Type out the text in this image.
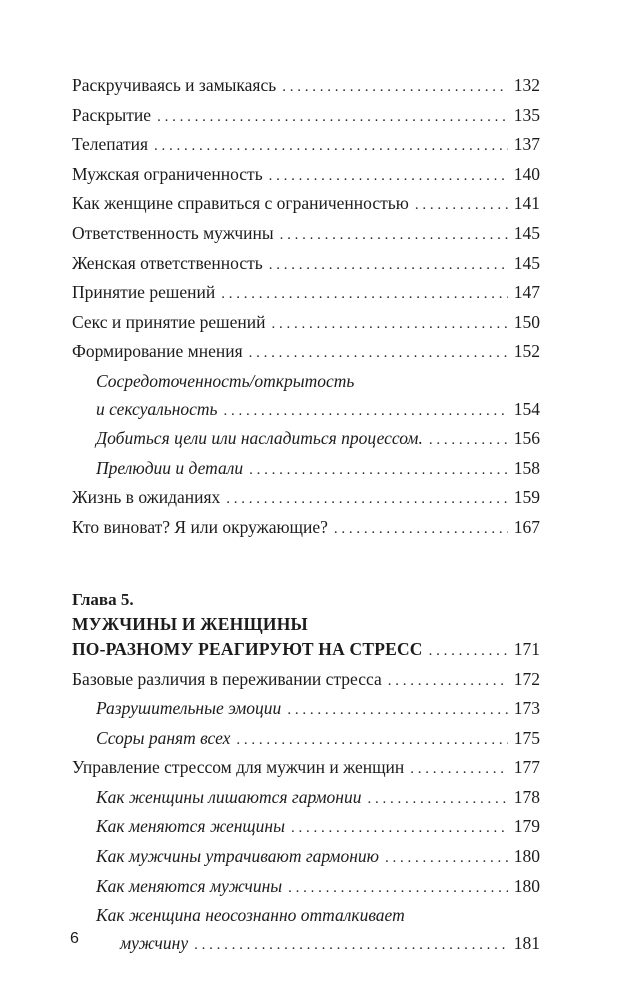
Раскручиваясь и замыкаясь . . .	132
Раскрытие . . .	135
Телепатия . . .	137
Мужская ограниченность . . .	140
Как женщине справиться с ограниченностью . . .	141
Ответственность мужчины . . .	145
Женская ответственность . . .	145
Принятие решений . . .	147
Секс и принятие решений . . .	150
Формирование мнения . . .	152
Сосредоточенность/открытость
и сексуальность . . .	154
Добиться цели или насладиться процессом. . . .	156
Прелюдии и детали . . .	158
Жизнь в ожиданиях . . .	159
Кто виноват? Я или окружающие? . . .	167
Глава 5.
МУЖЧИНЫ И ЖЕНЩИНЫ
ПО-РАЗНОМУ РЕАГИРУЮТ НА СТРЕСС . . .	171
Базовые различия в переживании стресса . . .	172
Разрушительные эмоции . . .	173
Ссоры ранят всех . . .	175
Управление стрессом для мужчин и женщин . . .	177
Как женщины лишаются гармонии . . .	178
Как меняются женщины . . .	179
Как мужчины утрачивают гармонию . . .	180
Как меняются мужчины . . .	180
Как женщина неосознанно отталкивает
мужчину . . .	181
6
